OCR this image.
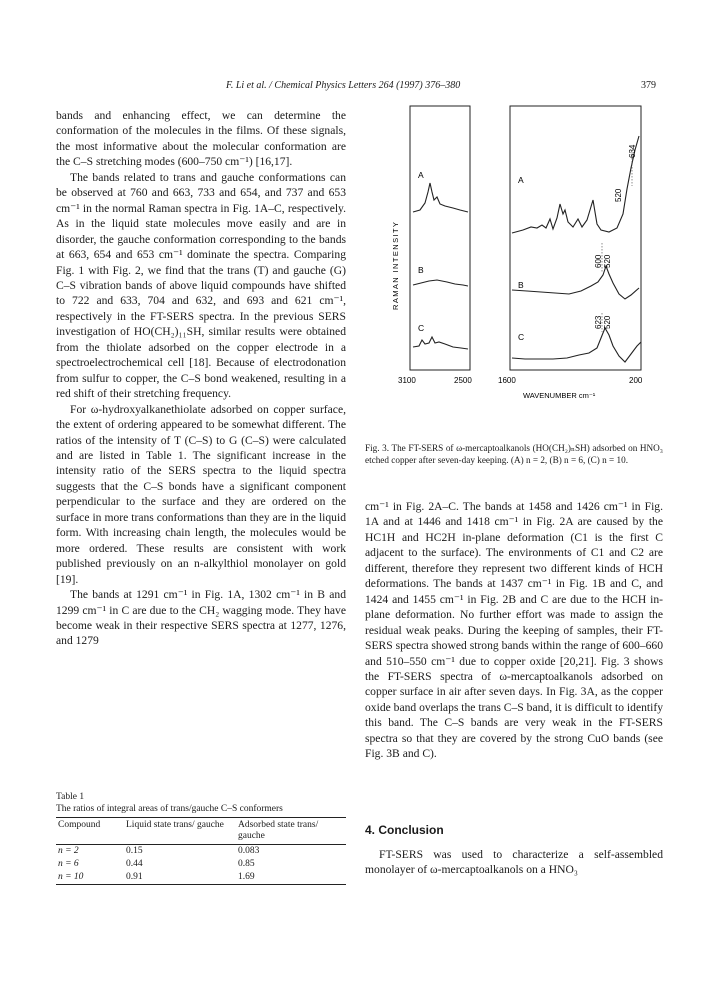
F. Li et al. / Chemical Physics Letters 264 (1997) 376–380	379

bands and enhancing effect, we can determine the conformation of the molecules in the films. Of these signals, the most informative about the molecular conformation are the C–S stretching modes (600–750 cm⁻¹) [16,17].

The bands related to trans and gauche conformations can be observed at 760 and 663, 733 and 654, and 737 and 653 cm⁻¹ in the normal Raman spectra in Fig. 1A–C, respectively. As in the liquid state molecules move easily and are in disorder, the gauche conformation corresponding to the bands at 663, 654 and 653 cm⁻¹ dominate the spectra. Comparing Fig. 1 with Fig. 2, we find that the trans (T) and gauche (G) C–S vibration bands of above liquid compounds have shifted to 722 and 633, 704 and 632, and 693 and 621 cm⁻¹, respectively in the FT-SERS spectra. In the previous SERS investigation of HO(CH₂)₁₁SH, similar results were obtained from the thiolate adsorbed on the copper electrode in a spectroelectrochemical cell [18]. Because of electrodonation from sulfur to copper, the C–S bond weakened, resulting in a red shift of their stretching frequency.

For ω-hydroxyalkanethiolate adsorbed on copper surface, the extent of ordering appeared to be somewhat different. The ratios of the intensity of T (C–S) to G (C–S) were calculated and are listed in Table 1. The significant increase in the intensity ratio of the SERS spectra to the liquid spectra suggests that the C–S bonds have a significant component perpendicular to the surface and they are ordered on the surface in more trans conformations than they are in the liquid form. With increasing chain length, the molecules would be more ordered. These results are consistent with work published previously on an n-alkylthiol monolayer on gold [19].

The bands at 1291 cm⁻¹ in Fig. 1A, 1302 cm⁻¹ in B and 1299 cm⁻¹ in C are due to the CH₂ wagging mode. They have become weak in their respective SERS spectra at 1277, 1276, and 1279

Table 1
The ratios of integral areas of trans/gauche C–S conformers
Compound	Liquid state trans/ gauche	Adsorbed state trans/ gauche
n = 2	0.15	0.083
n = 6	0.44	0.85
n = 10	0.91	1.69
A
B
C
A
B
C
634
520
600 520
623 520
RAMAN INTENSITY
3100	2500	1600	200
WAVENUMBER cm⁻¹
Fig. 3. The FT-SERS of ω-mercaptoalkanols (HO(CH₂)ₙSH) adsorbed on HNO₃ etched copper after seven-day keeping. (A) n = 2, (B) n = 6, (C) n = 10.

cm⁻¹ in Fig. 2A–C. The bands at 1458 and 1426 cm⁻¹ in Fig. 1A and at 1446 and 1418 cm⁻¹ in Fig. 2A are caused by the HC1H and HC2H in-plane deformation (C1 is the first C adjacent to the surface). The environments of C1 and C2 are different, therefore they represent two different kinds of HCH deformations. The bands at 1437 cm⁻¹ in Fig. 1B and C, and 1424 and 1455 cm⁻¹ in Fig. 2B and C are due to the HCH in-plane deformation. No further effort was made to assign the residual weak peaks. During the keeping of samples, their FT-SERS spectra showed strong bands within the range of 600–660 and 510–550 cm⁻¹ due to copper oxide [20,21]. Fig. 3 shows the FT-SERS spectra of ω-mercaptoalkanols adsorbed on copper surface in air after seven days. In Fig. 3A, as the copper oxide band overlaps the trans C–S band, it is difficult to identify this band. The C–S bands are very weak in the FT-SERS spectra so that they are covered by the strong CuO bands (see Fig. 3B and C).

4. Conclusion

FT-SERS was used to characterize a self-assembled monolayer of ω-mercaptoalkanols on a HNO₃
